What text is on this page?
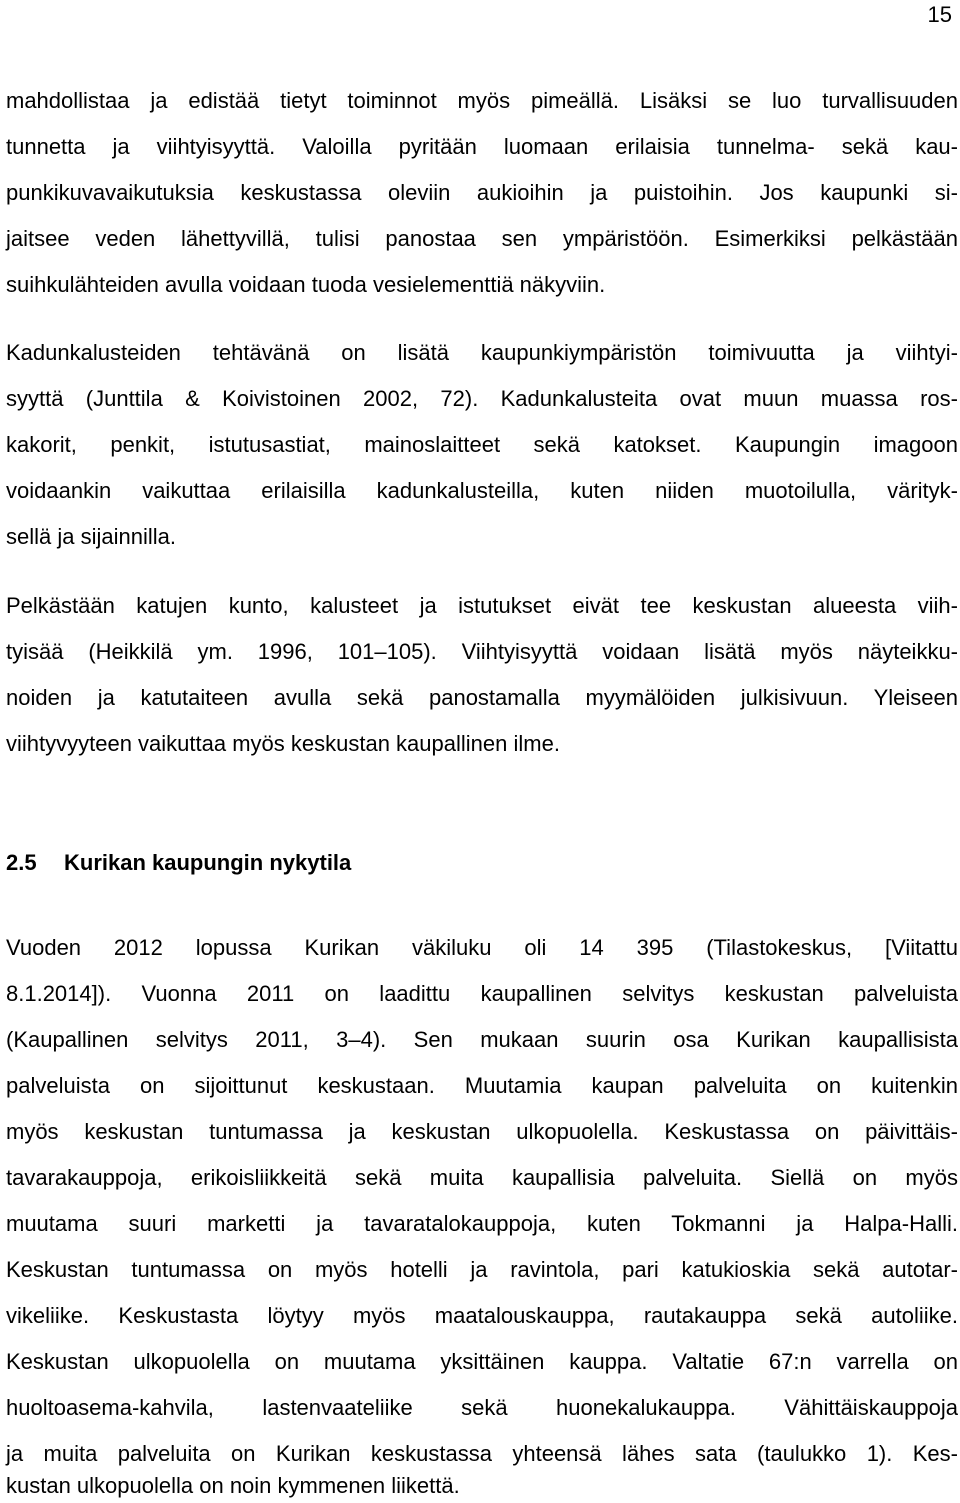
15
mahdollistaa ja edistää tietyt toiminnot myös pimeällä. Lisäksi se luo turvallisuuden
tunnetta ja viihtyisyyttä. Valoilla pyritään luomaan erilaisia tunnelma- sekä kau-
punkikuvavaikutuksia keskustassa oleviin aukioihin ja puistoihin. Jos kaupunki si-
jaitsee veden lähettyvillä, tulisi panostaa sen ympäristöön. Esimerkiksi pelkästään
suihkulähteiden avulla voidaan tuoda vesielementtiä näkyviin.
Kadunkalusteiden tehtävänä on lisätä kaupunkiympäristön toimivuutta ja viihtyi-
syyttä (Junttila & Koivistoinen 2002, 72). Kadunkalusteita ovat muun muassa ros-
kakorit, penkit, istutusastiat, mainoslaitteet sekä katokset. Kaupungin imagoon
voidaankin vaikuttaa erilaisilla kadunkalusteilla, kuten niiden muotoilulla, värityk-
sellä ja sijainnilla.
Pelkästään katujen kunto, kalusteet ja istutukset eivät tee keskustan alueesta viih-
tyisää (Heikkilä ym. 1996, 101–105). Viihtyisyyttä voidaan lisätä myös näyteikku-
noiden ja katutaiteen avulla sekä panostamalla myymälöiden julkisivuun. Yleiseen
viihtyvyyteen vaikuttaa myös keskustan kaupallinen ilme.
2.5 Kurikan kaupungin nykytila
Vuoden 2012 lopussa Kurikan väkiluku oli 14 395 (Tilastokeskus, [Viitattu
8.1.2014]). Vuonna 2011 on laadittu kaupallinen selvitys keskustan palveluista
(Kaupallinen selvitys 2011, 3–4). Sen mukaan suurin osa Kurikan kaupallisista
palveluista on sijoittunut keskustaan. Muutamia kaupan palveluita on kuitenkin
myös keskustan tuntumassa ja keskustan ulkopuolella. Keskustassa on päivittäis-
tavarakauppoja, erikoisliikkeitä sekä muita kaupallisia palveluita. Siellä on myös
muutama suuri marketti ja tavaratalokauppoja, kuten Tokmanni ja Halpa-Halli.
Keskustan tuntumassa on myös hotelli ja ravintola, pari katukioskia sekä autotar-
vikeliike. Keskustasta löytyy myös maatalouskauppa, rautakauppa sekä autoliike.
Keskustan ulkopuolella on muutama yksittäinen kauppa. Valtatie 67:n varrella on
huoltoasema-kahvila, lastenvaateliike sekä huonekalukauppa. Vähittäiskauppoja
ja muita palveluita on Kurikan keskustassa yhteensä lähes sata (taulukko 1). Kes-
kustan ulkopuolella on noin kymmenen liikettä.
